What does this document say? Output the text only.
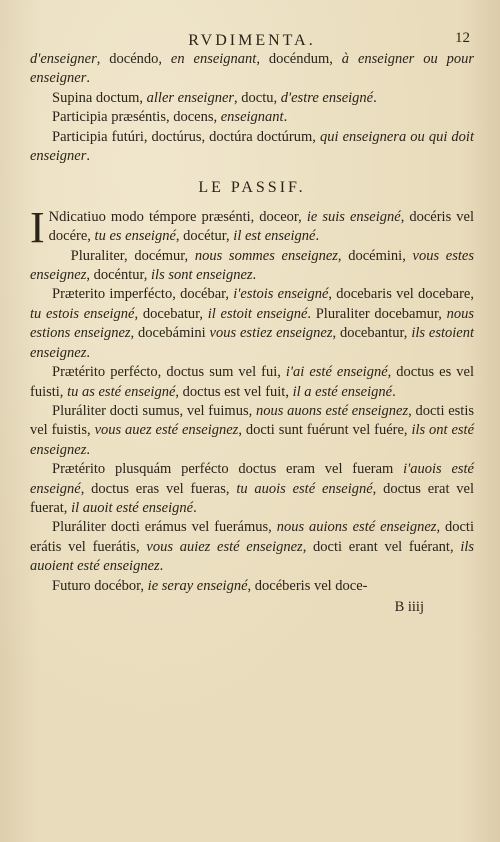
RVDIMENTA.	12

d'enseigner, docéndo, en enseignant, docéndum, à enseigner ou pour enseigner.

Supina doctum, aller enseigner, doctu, d'estre enseigné.

Participia præséntis, docens, enseignant.

Participia futúri, doctúrus, doctúra doctúrum, qui enseignera ou qui doit enseigner.

LE PASSIF.

I Ndicatiuo modo témpore præsénti, doceor, ie suis enseigné, docéris vel docére, tu es enseigné, docétur, il est enseigné.

Pluraliter, docémur, nous sommes enseignez, docémini, vous estes enseignez, docéntur, ils sont enseignez.

Præterito imperfécto, docébar, i'estois enseigné, docebaris vel docebare, tu estois enseigné, docebatur, il estoit enseigné. Pluraliter docebamur, nous estions enseignez, docebámini vous estiez enseignez, docebantur, ils estoient enseignez.

Prætérito perfécto, doctus sum vel fui, i'ai esté enseigné, doctus es vel fuisti, tu as esté enseigné, doctus est vel fuit, il a esté enseigné.

Pluráliter docti sumus, vel fuimus, nous auons esté enseignez, docti estis vel fuistis, vous auez esté enseignez, docti sunt fuérunt vel fuére, ils ont esté enseignez.

Prætérito plusquám perfécto doctus eram vel fueram i'auois esté enseigné, doctus eras vel fueras, tu auois esté enseigné, doctus erat vel fuerat, il auoit esté enseigné.

Pluráliter docti erámus vel fuerámus, nous auions esté enseignez, docti erátis vel fuerátis, vous auiez esté enseignez, docti erant vel fuérant, ils auoient esté enseignez.

Futuro docébor, ie seray enseigné, docéberis vel doce-

B iiij
